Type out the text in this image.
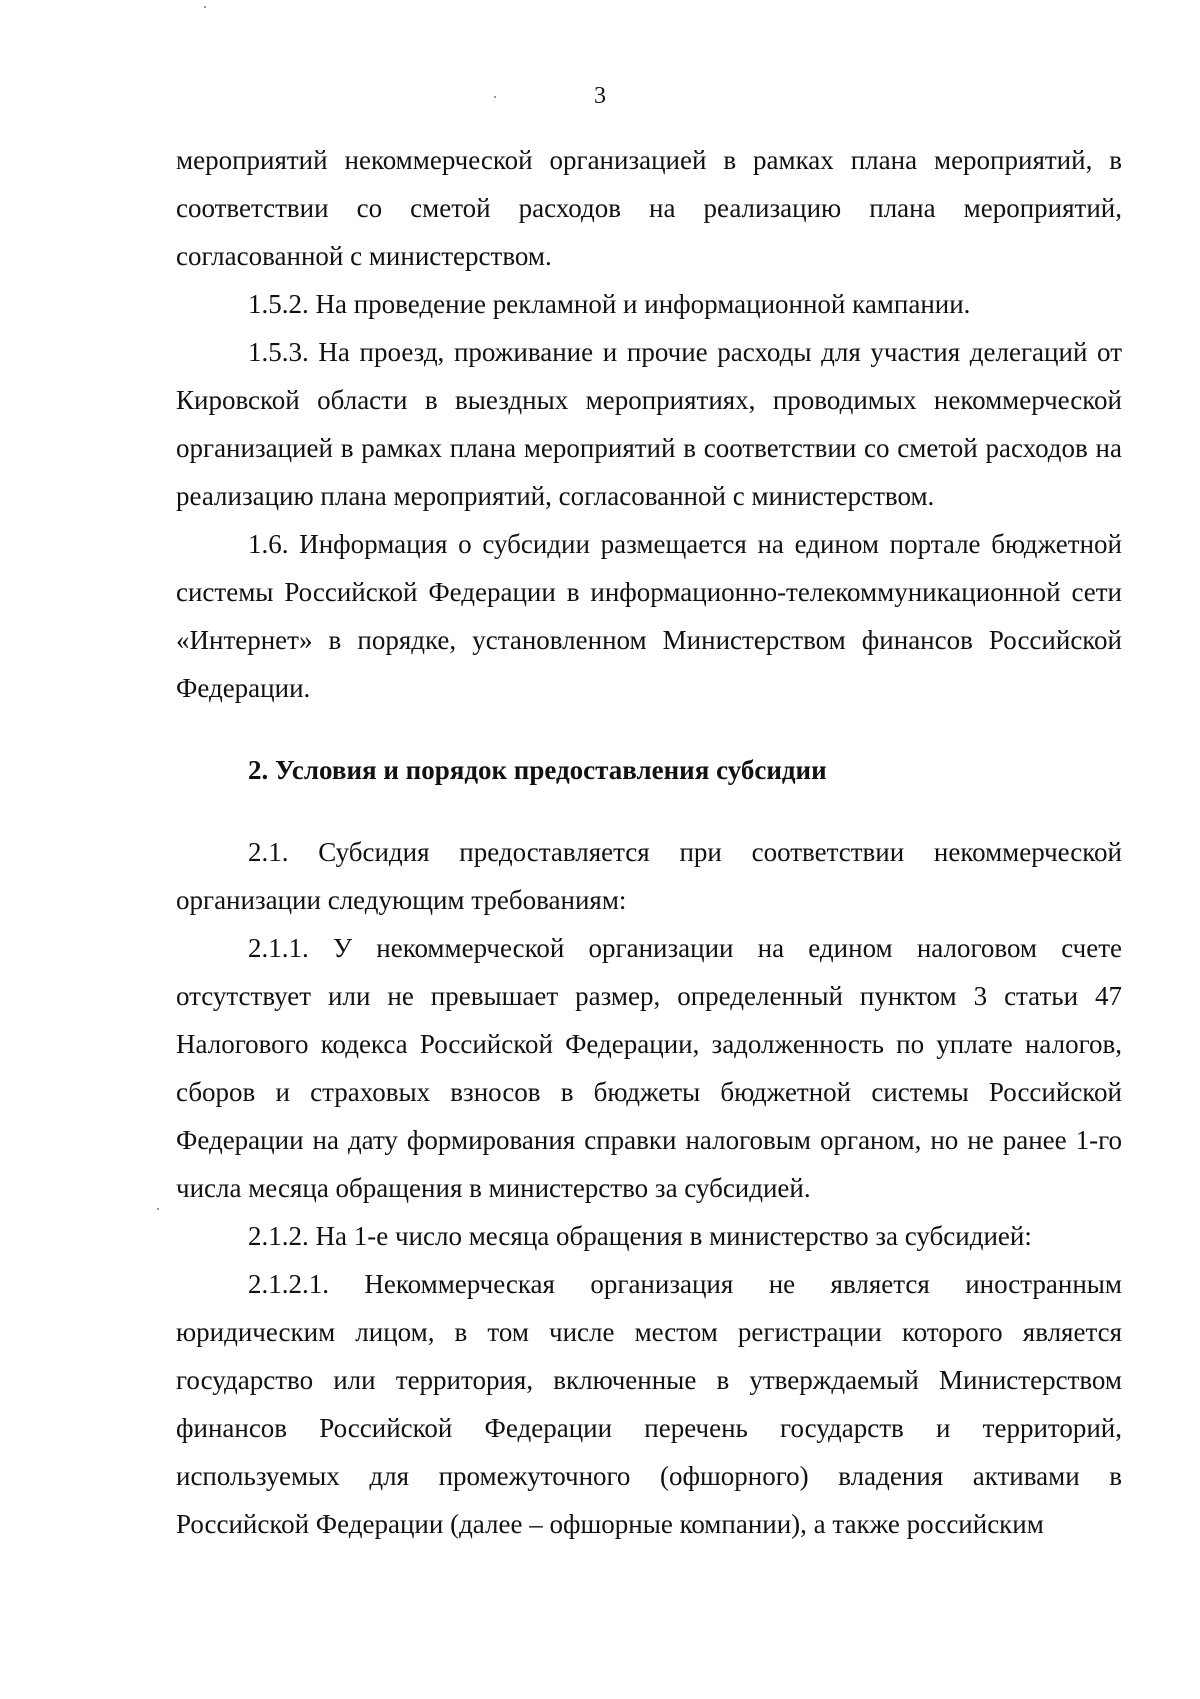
3

мероприятий некоммерческой организацией в рамках плана мероприятий, в соответствии со сметой расходов на реализацию плана мероприятий, согласованной с министерством.

1.5.2. На проведение рекламной и информационной кампании.

1.5.3. На проезд, проживание и прочие расходы для участия делегаций от Кировской области в выездных мероприятиях, проводимых некоммерческой организацией в рамках плана мероприятий в соответствии со сметой расходов на реализацию плана мероприятий, согласованной с министерством.

1.6. Информация о субсидии размещается на едином портале бюджетной системы Российской Федерации в информационно-телекоммуникационной сети «Интернет» в порядке, установленном Министерством финансов Российской Федерации.

2. Условия и порядок предоставления субсидии

2.1. Субсидия предоставляется при соответствии некоммерческой организации следующим требованиям:

2.1.1. У некоммерческой организации на едином налоговом счете отсутствует или не превышает размер, определенный пунктом 3 статьи 47 Налогового кодекса Российской Федерации, задолженность по уплате налогов, сборов и страховых взносов в бюджеты бюджетной системы Российской Федерации на дату формирования справки налоговым органом, но не ранее 1-го числа месяца обращения в министерство за субсидией.

2.1.2. На 1-е число месяца обращения в министерство за субсидией:

2.1.2.1. Некоммерческая организация не является иностранным юридическим лицом, в том числе местом регистрации которого является государство или территория, включенные в утверждаемый Министерством финансов Российской Федерации перечень государств и территорий, используемых для промежуточного (офшорного) владения активами в Российской Федерации (далее – офшорные компании), а также российским
